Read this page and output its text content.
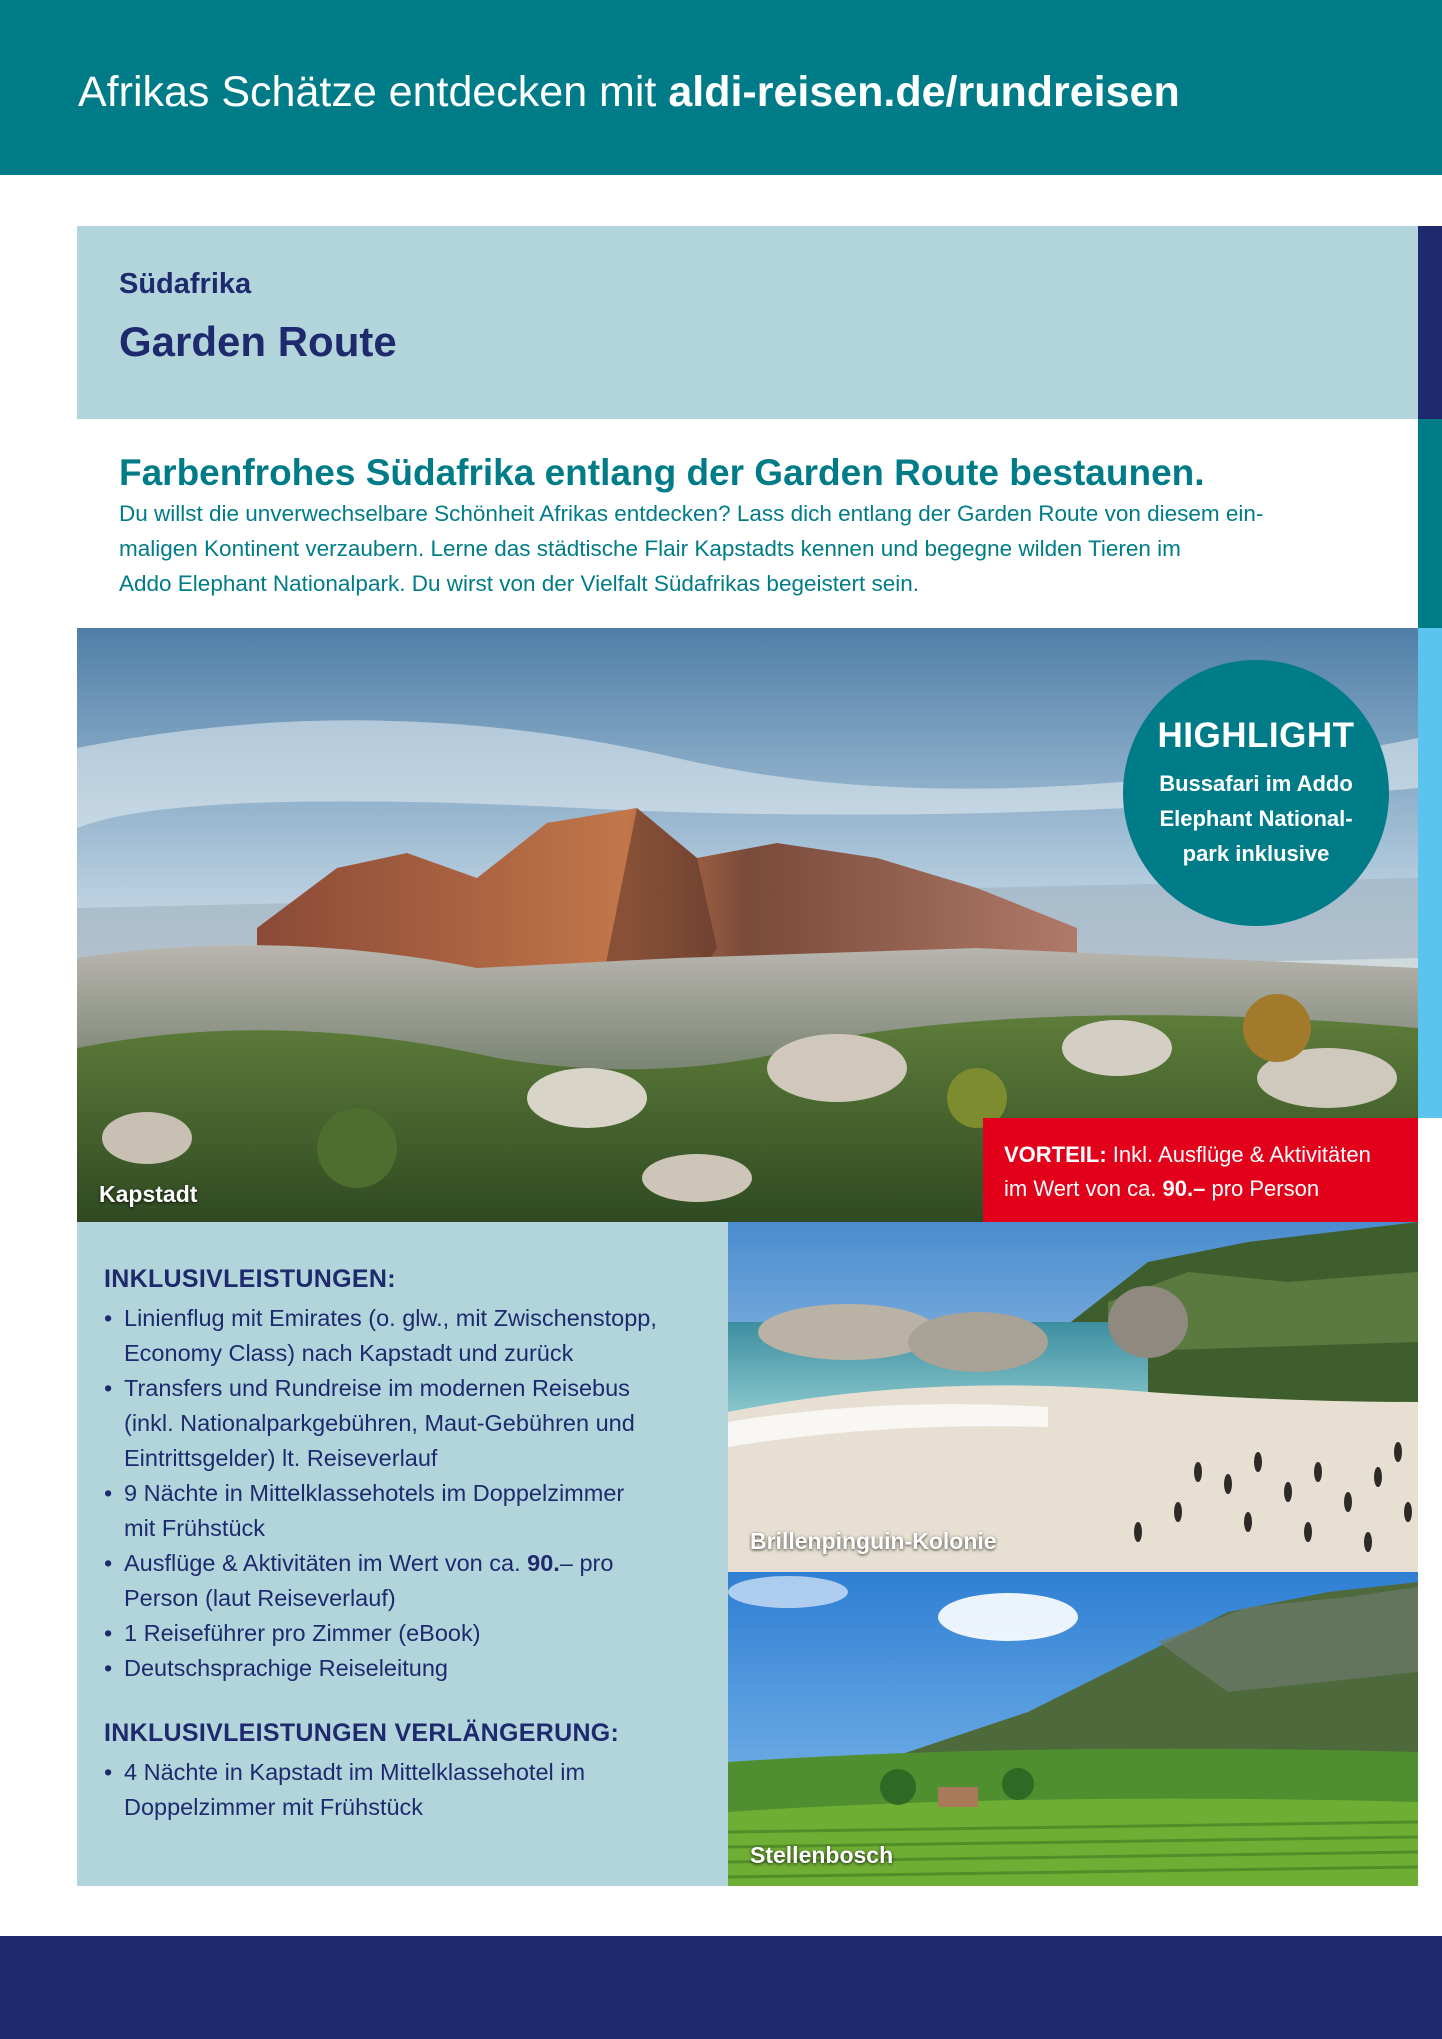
Afrikas Schätze entdecken mit aldi-reisen.de/rundreisen
Südafrika
Garden Route
Farbenfrohes Südafrika entlang der Garden Route bestaunen.
Du willst die unverwechselbare Schönheit Afrikas entdecken? Lass dich entlang der Garden Route von diesem ein-
maligen Kontinent verzaubern. Lerne das städtische Flair Kapstadts kennen und begegne wilden Tieren im
Addo Elephant Nationalpark. Du wirst von der Vielfalt Südafrikas begeistert sein.
Kapstadt
HIGHLIGHT
Bussafari im Addo
Elephant National-
park inklusive
VORTEIL: Inkl. Ausflüge & Aktivitäten
im Wert von ca. 90.– pro Person
INKLUSIVLEISTUNGEN:
• Linienflug mit Emirates (o. glw., mit Zwischenstopp,
Economy Class) nach Kapstadt und zurück
• Transfers und Rundreise im modernen Reisebus
(inkl. Nationalparkgebühren, Maut-Gebühren und
Eintrittsgelder) lt. Reiseverlauf
• 9 Nächte in Mittelklassehotels im Doppelzimmer
mit Frühstück
• Ausflüge & Aktivitäten im Wert von ca. 90.– pro
Person (laut Reiseverlauf)
• 1 Reiseführer pro Zimmer (eBook)
• Deutschsprachige Reiseleitung
INKLUSIVLEISTUNGEN VERLÄNGERUNG:
• 4 Nächte in Kapstadt im Mittelklassehotel im
Doppelzimmer mit Frühstück
Brillenpinguin-Kolonie
Stellenbosch
